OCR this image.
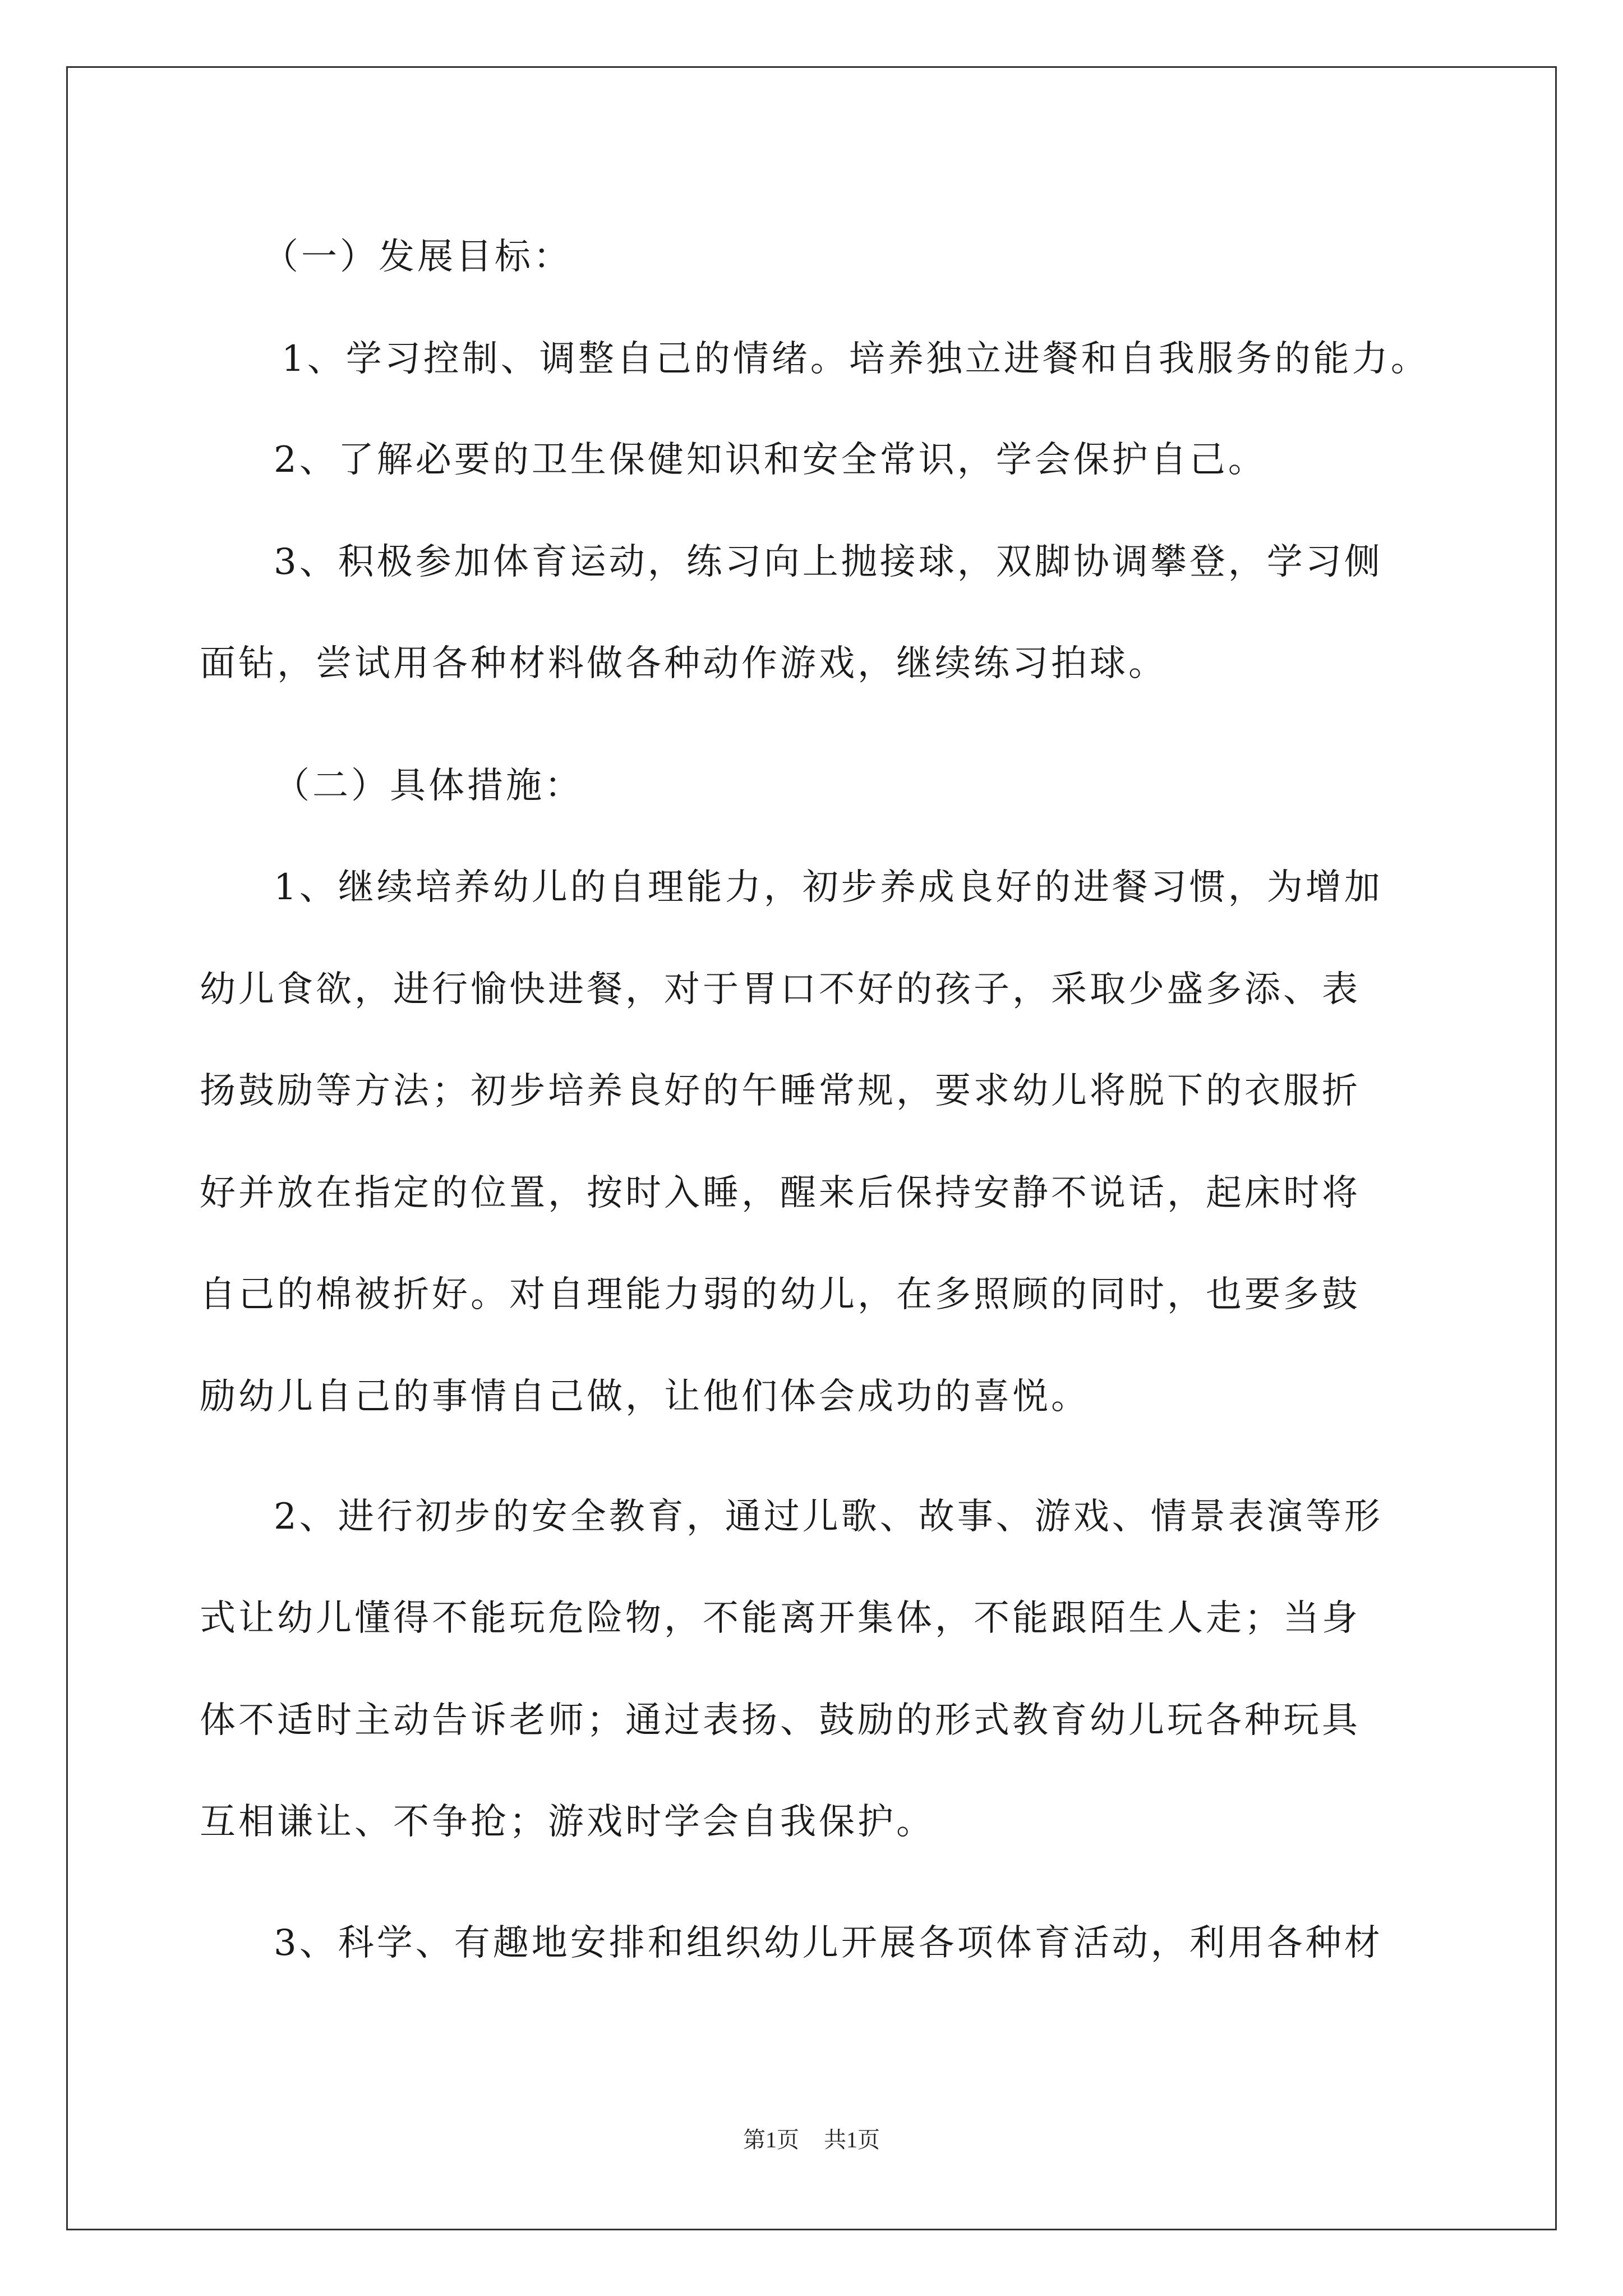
（一）发展目标：
1、学习控制、调整自己的情绪。培养独立进餐和自我服务的能力。
2、了解必要的卫生保健知识和安全常识，学会保护自己。
3、积极参加体育运动，练习向上抛接球，双脚协调攀登，学习侧
面钻，尝试用各种材料做各种动作游戏，继续练习拍球。
（二）具体措施：
1、继续培养幼儿的自理能力，初步养成良好的进餐习惯，为增加
幼儿食欲，进行愉快进餐，对于胃口不好的孩子，采取少盛多添、表
扬鼓励等方法；初步培养良好的午睡常规，要求幼儿将脱下的衣服折
好并放在指定的位置，按时入睡，醒来后保持安静不说话，起床时将
自己的棉被折好。对自理能力弱的幼儿，在多照顾的同时，也要多鼓
励幼儿自己的事情自己做，让他们体会成功的喜悦。
2、进行初步的安全教育，通过儿歌、故事、游戏、情景表演等形
式让幼儿懂得不能玩危险物，不能离开集体，不能跟陌生人走；当身
体不适时主动告诉老师；通过表扬、鼓励的形式教育幼儿玩各种玩具
互相谦让、不争抢；游戏时学会自我保护。
3、科学、有趣地安排和组织幼儿开展各项体育活动，利用各种材
第1页 共1页
